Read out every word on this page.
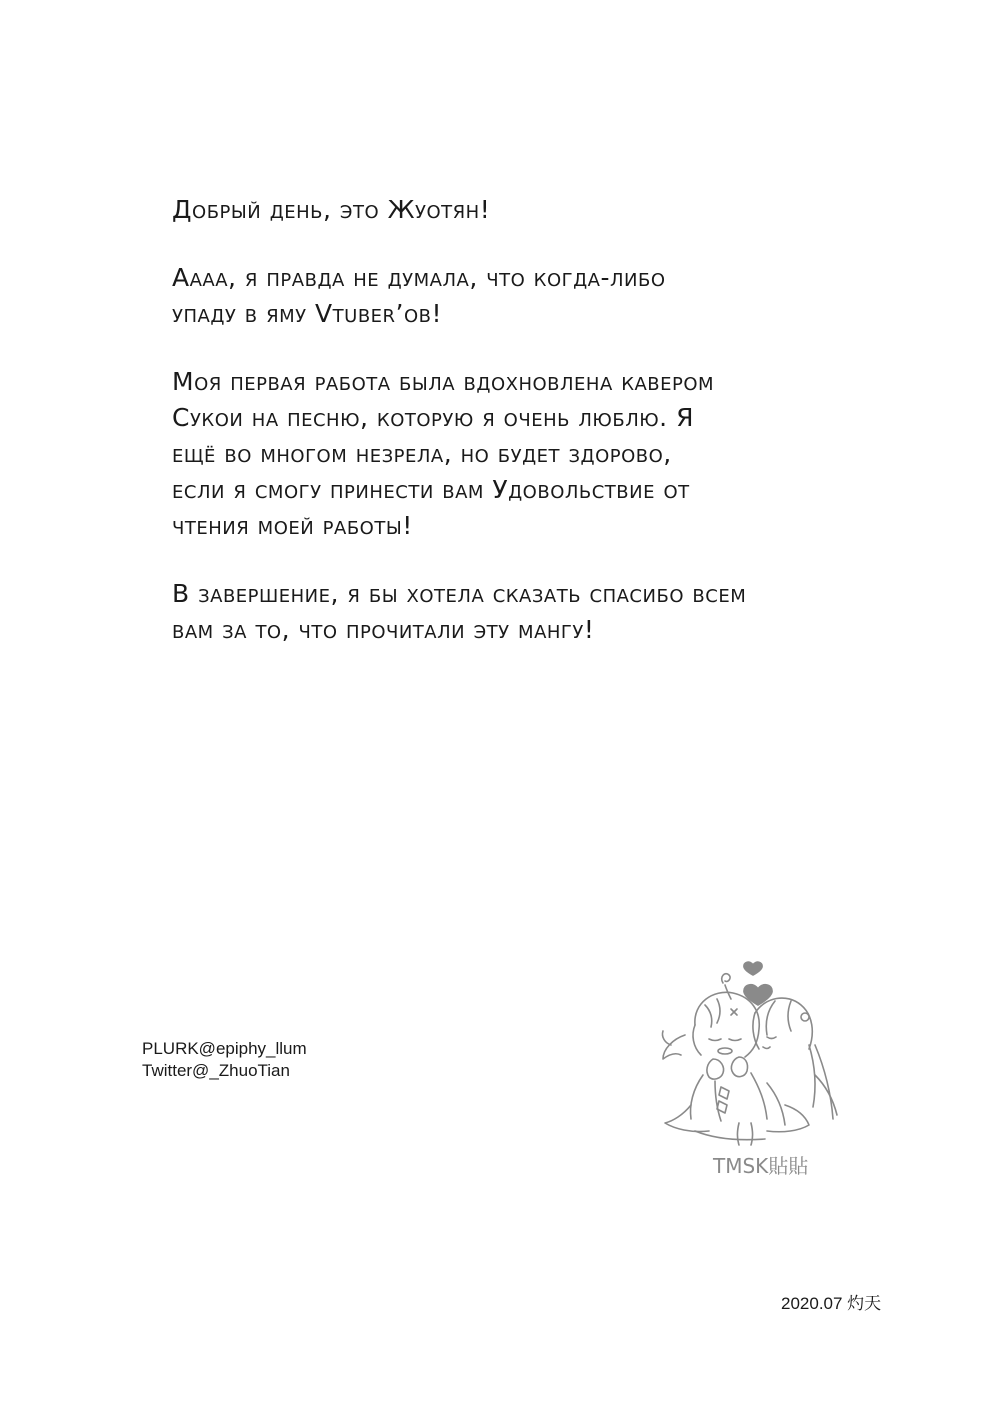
Добрый день, это Жуотян!

Аааа, я правда не думала, что когда-либо
упаду в яму Vtuber’ов!

Моя первая работа была вдохновлена кавером
Сукои на песню, которую я очень люблю. Я
ещё во многом незрела, но будет здорово,
если я смогу принести вам Удовольствие от
чтения моей работы!

В завершение, я бы хотела сказать спасибо всем
вам за то, что прочитали эту мангу!

PLURK@epiphy_llum
Twitter@_ZhuoTian
TMSK貼貼
2020.07 灼天
